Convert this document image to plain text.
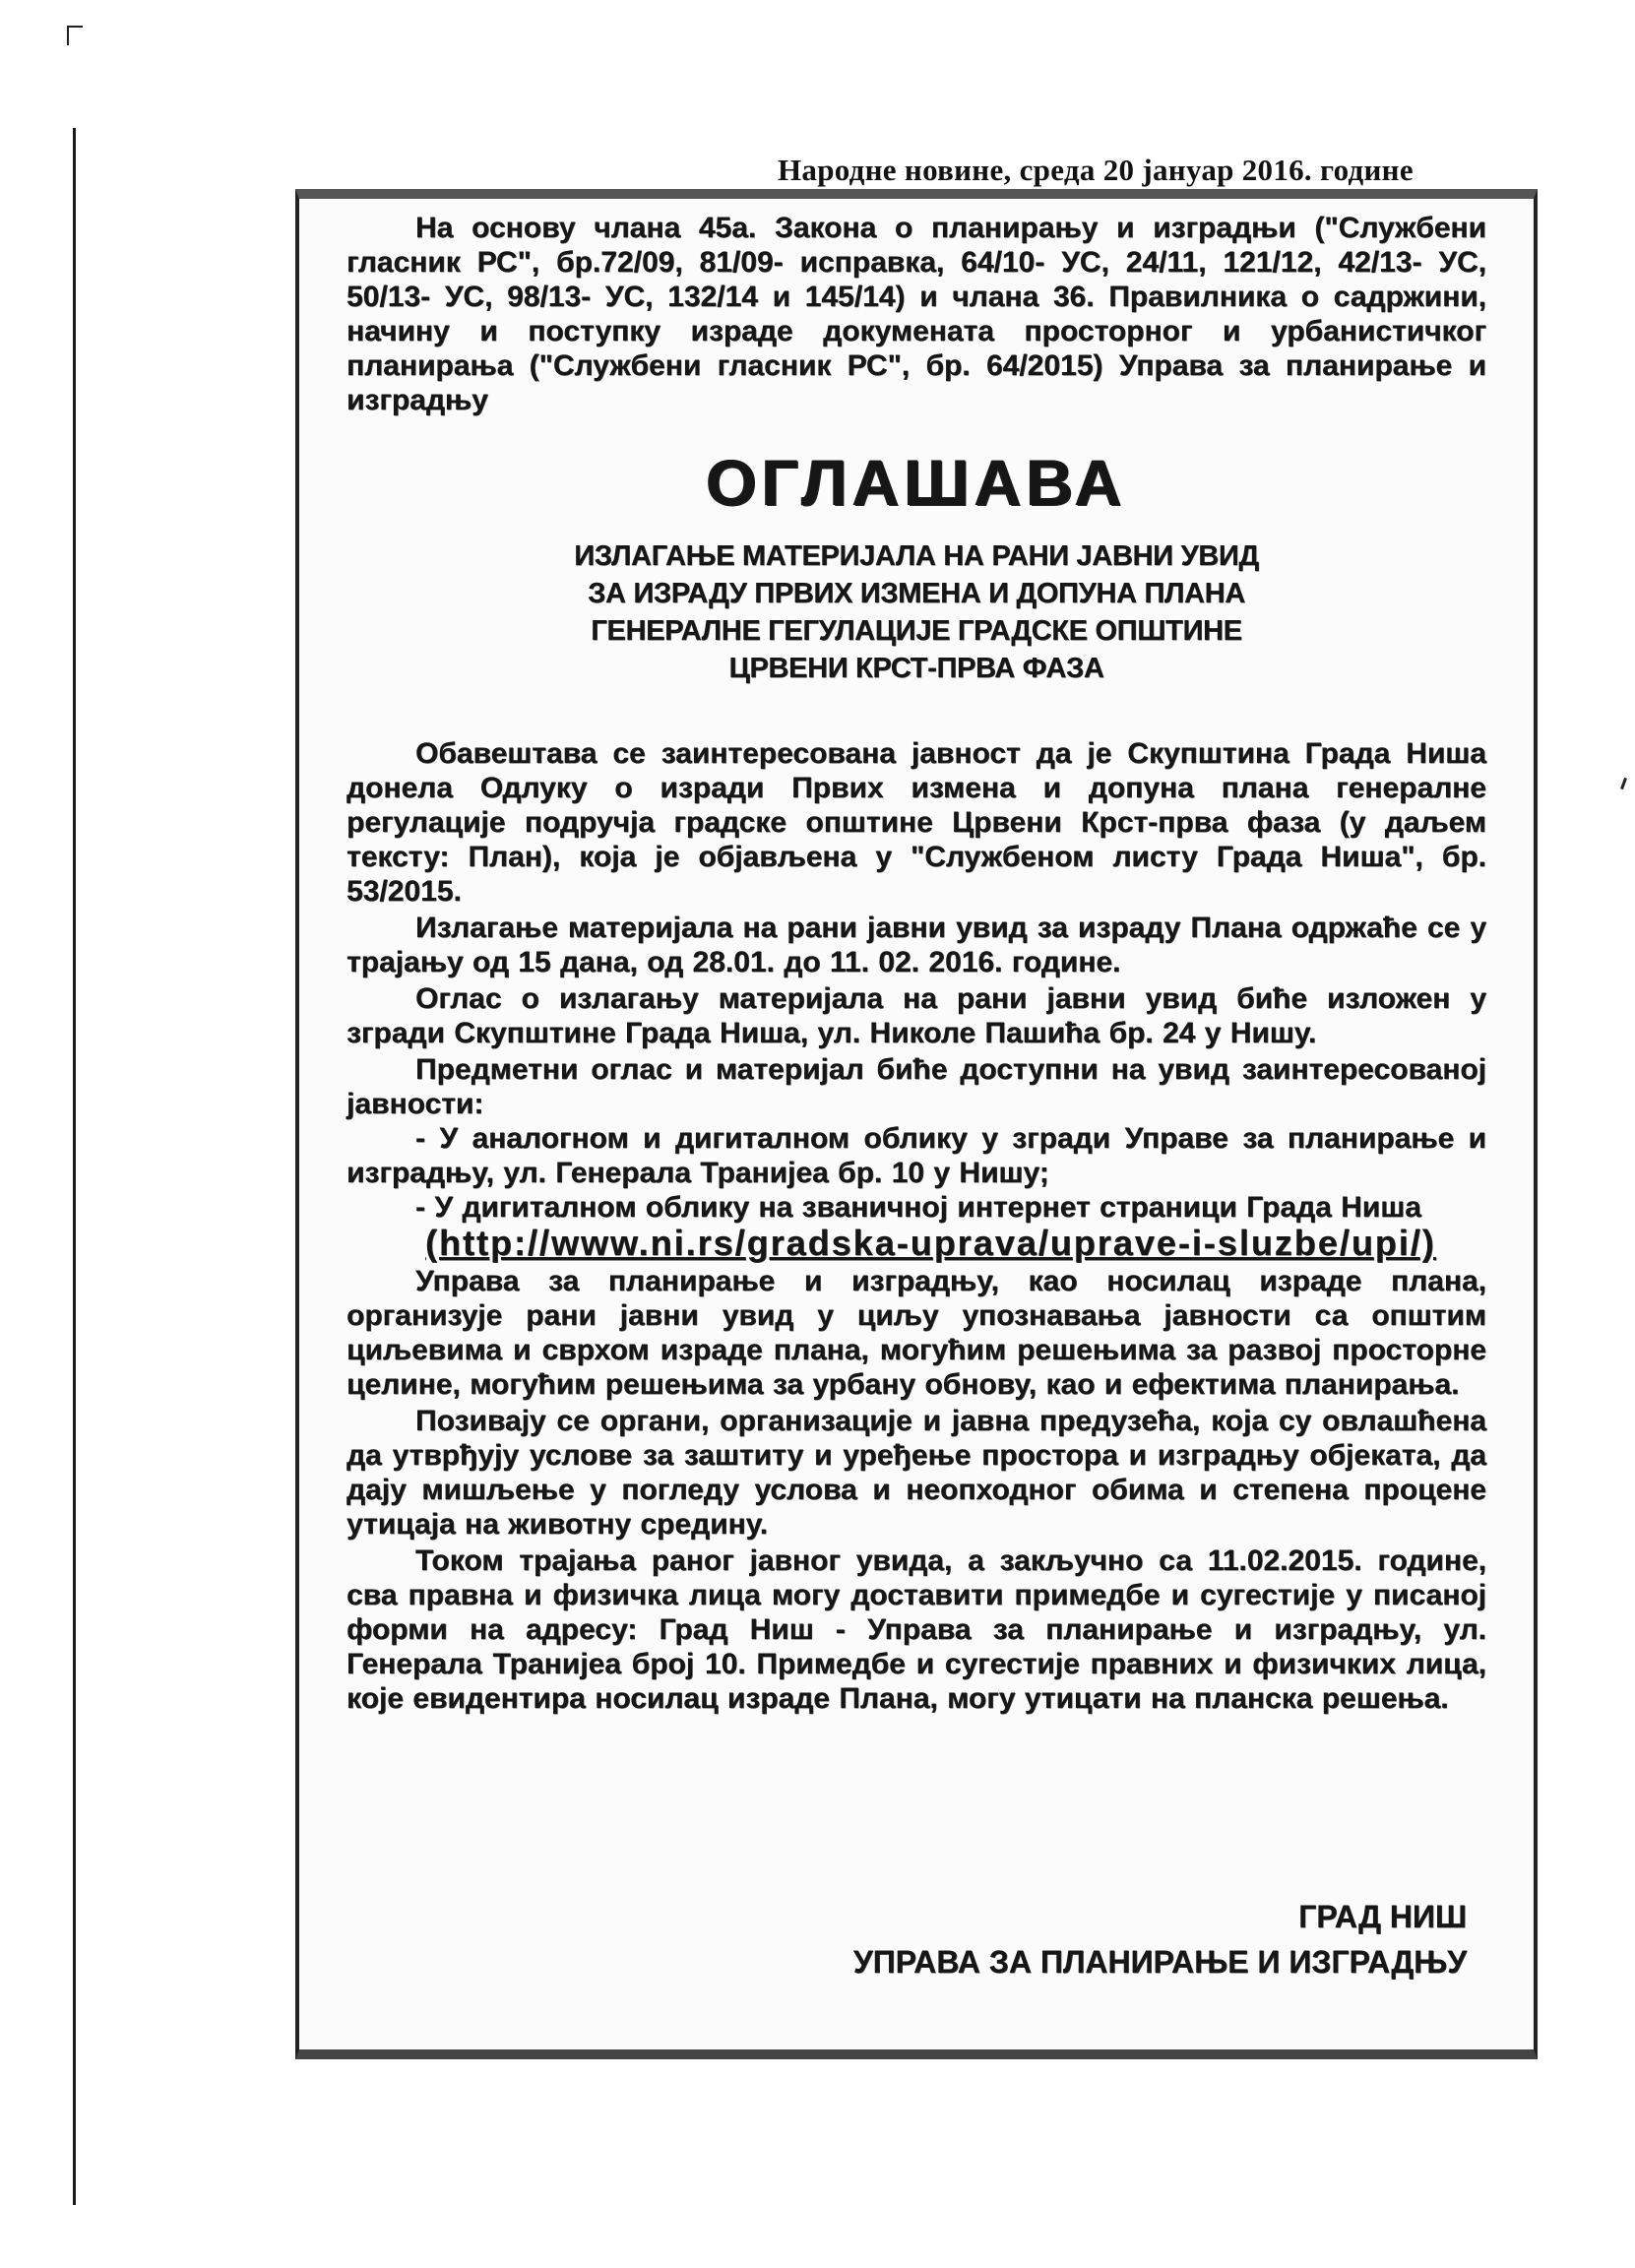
Народне новине, среда 20 јануар 2016. године

На основу члана 45а. Закона о планирању и изградњи ("Службени гласник РС", бр.72/09, 81/09- исправка, 64/10- УС, 24/11, 121/12, 42/13- УС, 50/13- УС, 98/13- УС, 132/14 и 145/14) и члана 36. Правилника о садржини, начину и поступку израде докумената просторног и урбанистичког планирања ("Службени гласник РС", бр. 64/2015) Управа за планирање и изградњу

ОГЛАШАВА
ИЗЛАГАЊЕ МАТЕРИЈАЛА НА РАНИ ЈАВНИ УВИД
ЗА ИЗРАДУ ПРВИХ ИЗМЕНА И ДОПУНА ПЛАНА
ГЕНЕРАЛНЕ ГЕГУЛАЦИЈЕ ГРАДСКЕ ОПШТИНЕ
ЦРВЕНИ КРСТ-ПРВА ФАЗА

Обавештава се заинтересована јавност да је Скупштина Града Ниша донела Одлуку о изради Првих измена и допуна плана генералне регулације подручја градске општине Црвени Крст-прва фаза (у даљем тексту: План), која је објављена у "Службеном листу Града Ниша", бр. 53/2015.

Излагање материјала на рани јавни увид за израду Плана одржаће се у трајању од 15 дана, од 28.01. до 11. 02. 2016. године.

Оглас о излагању материјала на рани јавни увид биће изложен у згради Скупштине Града Ниша, ул. Николе Пашића бр. 24 у Нишу.

Предметни оглас и материјал биће доступни на увид заинтересованој јавности:

- У аналогном и дигиталном облику у згради Управе за планирање и изградњу, ул. Генерала Транијеа бр. 10 у Нишу;

- У дигиталном облику на званичној интернет страници Града Ниша

(http://www.ni.rs/gradska-uprava/uprave-i-sluzbe/upi/)

Управа за планирање и изградњу, као носилац израде плана, организује рани јавни увид у циљу упознавања јавности са општим циљевима и сврхом израде плана, могућим решењима за развој просторне целине, могућим решењима за урбану обнову, као и ефектима планирања.

Позивају се органи, организације и јавна предузећа, која су овлашћена да утврђују услове за заштиту и уређење простора и изградњу објеката, да дају мишљење у погледу услова и неопходног обима и степена процене утицаја на животну средину.

Током трајања раног јавног увида, а закључно са 11.02.2015. године, сва правна и физичка лица могу доставити примедбе и сугестије у писаној форми на адресу: Град Ниш - Управа за планирање и изградњу, ул. Генерала Транијеа број 10. Примедбе и сугестије правних и физичких лица, које евидентира носилац израде Плана, могу утицати на планска решења.

ГРАД НИШ
УПРАВА ЗА ПЛАНИРАЊЕ И ИЗГРАДЊУ
